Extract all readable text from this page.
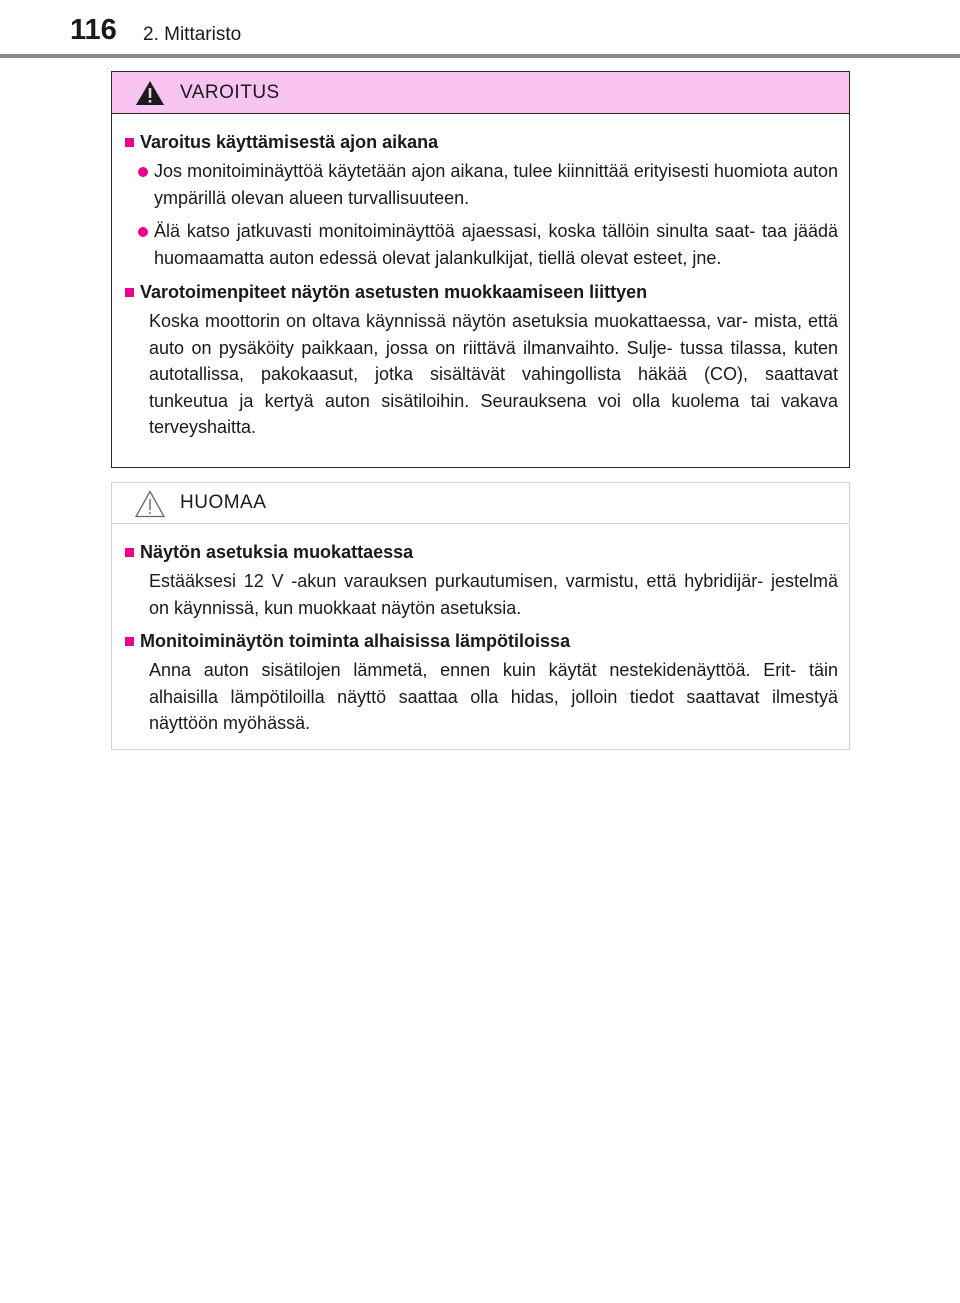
116 2. Mittaristo
VAROITUS
Varoitus käyttämisestä ajon aikana
Jos monitoiminäyttöä käytetään ajon aikana, tulee kiinnittää erityisesti huomiota auton ympärillä olevan alueen turvallisuuteen.
Älä katso jatkuvasti monitoiminäyttöä ajaessasi, koska tällöin sinulta saat- taa jäädä huomaamatta auton edessä olevat jalankulkijat, tiellä olevat esteet, jne.
Varotoimenpiteet näytön asetusten muokkaamiseen liittyen
Koska moottorin on oltava käynnissä näytön asetuksia muokattaessa, var- mista, että auto on pysäköity paikkaan, jossa on riittävä ilmanvaihto. Sulje- tussa tilassa, kuten autotallissa, pakokaasut, jotka sisältävät vahingollista häkää (CO), saattavat tunkeutua ja kertyä auton sisätiloihin. Seurauksena voi olla kuolema tai vakava terveyshaitta.
HUOMAA
Näytön asetuksia muokattaessa
Estääksesi 12 V -akun varauksen purkautumisen, varmistu, että hybridijär- jestelmä on käynnissä, kun muokkaat näytön asetuksia.
Monitoiminäytön toiminta alhaisissa lämpötiloissa
Anna auton sisätilojen lämmetä, ennen kuin käytät nestekidenäyttöä. Erit- täin alhaisilla lämpötiloilla näyttö saattaa olla hidas, jolloin tiedot saattavat ilmestyä näyttöön myöhässä.
